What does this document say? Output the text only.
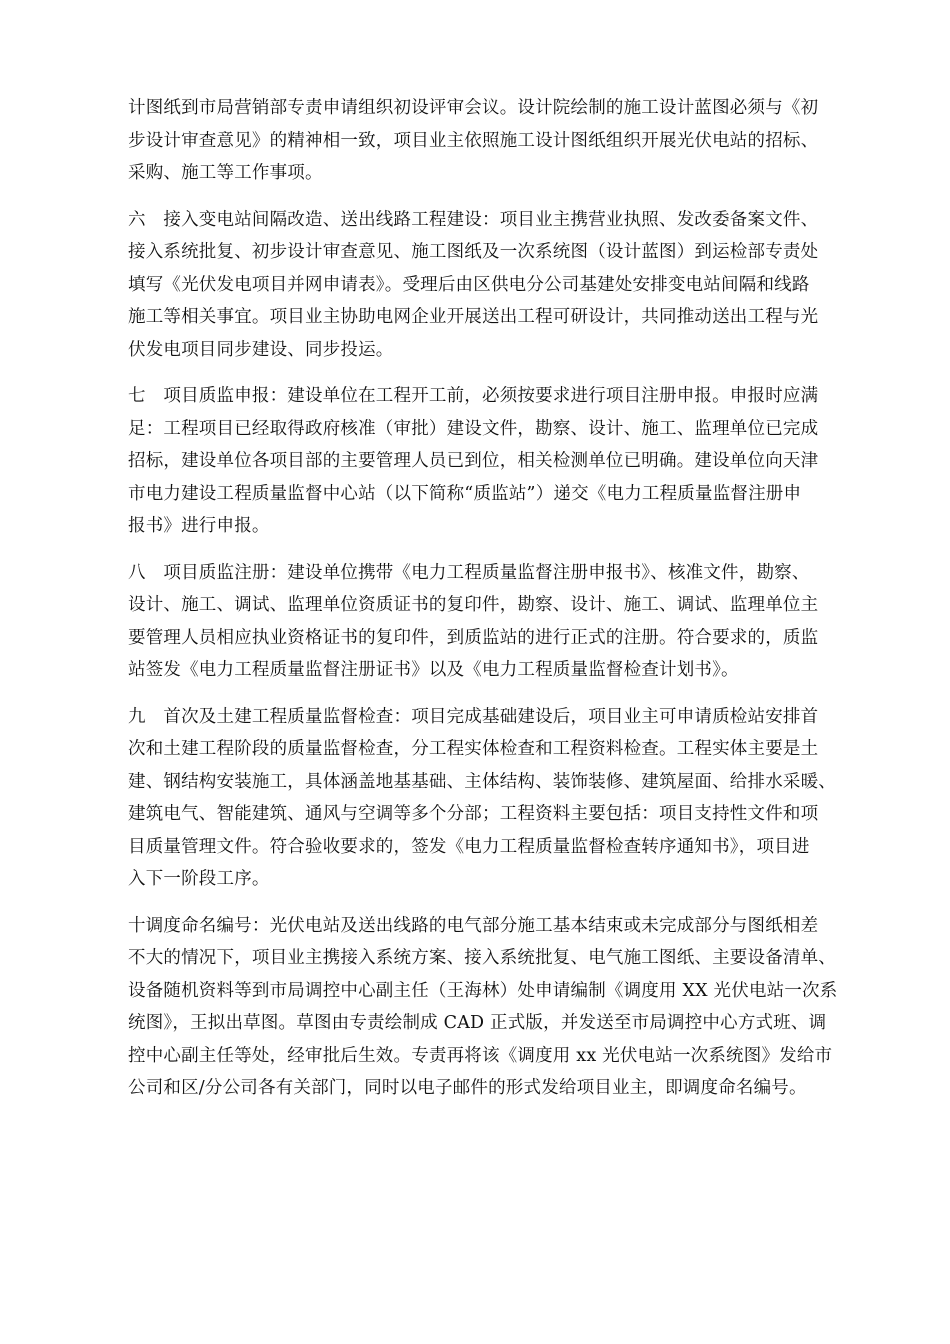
计图纸到市局营销部专责申请组织初设评审会议。设计院绘制的施工设计蓝图必须与《初
步设计审查意见》的精神相一致，项目业主依照施工设计图纸组织开展光伏电站的招标、
采购、施工等工作事项。

六　接入变电站间隔改造、送出线路工程建设：项目业主携营业执照、发改委备案文件、
接入系统批复、初步设计审查意见、施工图纸及一次系统图（设计蓝图）到运检部专责处
填写《光伏发电项目并网申请表》。受理后由区供电分公司基建处安排变电站间隔和线路
施工等相关事宜。项目业主协助电网企业开展送出工程可研设计，共同推动送出工程与光
伏发电项目同步建设、同步投运。

七　项目质监申报：建设单位在工程开工前，必须按要求进行项目注册申报。申报时应满
足：工程项目已经取得政府核准（审批）建设文件，勘察、设计、施工、监理单位已完成
招标，建设单位各项目部的主要管理人员已到位，相关检测单位已明确。建设单位向天津
市电力建设工程质量监督中心站（以下简称“质监站”）递交《电力工程质量监督注册申
报书》进行申报。

八　项目质监注册：建设单位携带《电力工程质量监督注册申报书》、核准文件，勘察、
设计、施工、调试、监理单位资质证书的复印件，勘察、设计、施工、调试、监理单位主
要管理人员相应执业资格证书的复印件，到质监站的进行正式的注册。符合要求的，质监
站签发《电力工程质量监督注册证书》以及《电力工程质量监督检查计划书》。

九　首次及土建工程质量监督检查：项目完成基础建设后，项目业主可申请质检站安排首
次和土建工程阶段的质量监督检查，分工程实体检查和工程资料检查。工程实体主要是土
建、钢结构安装施工，具体涵盖地基基础、主体结构、装饰装修、建筑屋面、给排水采暖、
建筑电气、智能建筑、通风与空调等多个分部；工程资料主要包括：项目支持性文件和项
目质量管理文件。符合验收要求的，签发《电力工程质量监督检查转序通知书》，项目进
入下一阶段工序。

十调度命名编号：光伏电站及送出线路的电气部分施工基本结束或未完成部分与图纸相差
不大的情况下，项目业主携接入系统方案、接入系统批复、电气施工图纸、主要设备清单、
设备随机资料等到市局调控中心副主任（王海林）处申请编制《调度用 XX 光伏电站一次系
统图》，王拟出草图。草图由专责绘制成 CAD 正式版，并发送至市局调控中心方式班、调
控中心副主任等处，经审批后生效。专责再将该《调度用 xx 光伏电站一次系统图》发给市
公司和区/分公司各有关部门，同时以电子邮件的形式发给项目业主，即调度命名编号。
